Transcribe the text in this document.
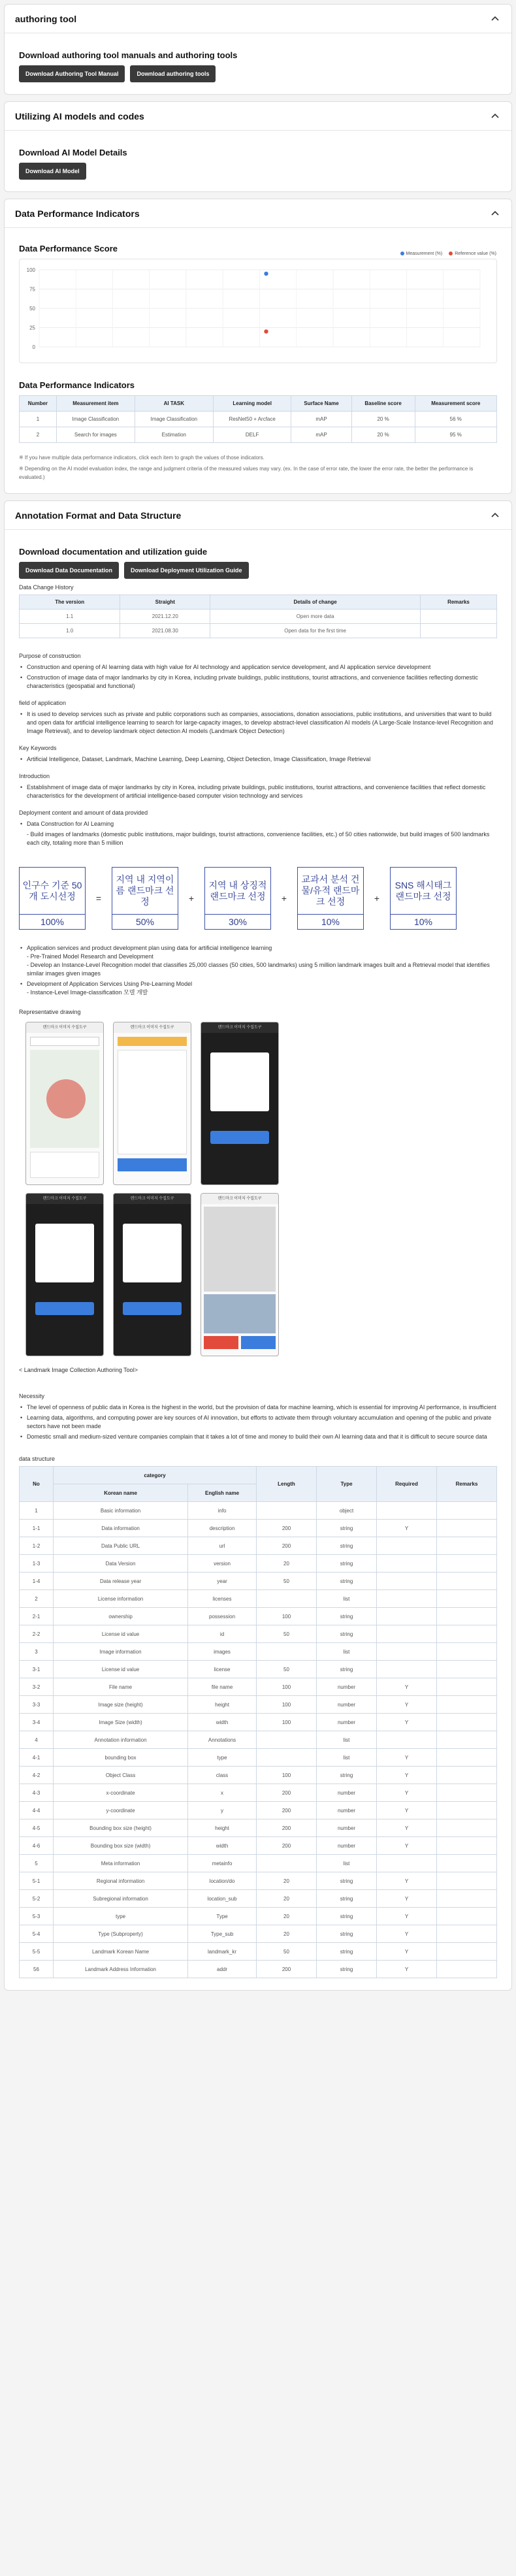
authoring tool
Download authoring tool manuals and authoring tools
Download Authoring Tool Manual	Download authoring tools
Utilizing AI models and codes
Download AI Model Details
Download AI Model
Data Performance Indicators
Data Performance Score
Measurement (%)	Reference value (%)
100
75
50
25
0
Data Performance Indicators
Number	Measurement item	AI TASK	Learning model	Surface Name	Baseline score	Measurement score
1	Image Classification	Image Classification	ResNet50 + Arcface	mAP	20 %	56 %
2	Search for images	Estimation	DELF	mAP	20 %	95 %

※ If you have multiple data performance indicators, click each item to graph the values of those indicators.

※ Depending on the AI model evaluation index, the range and judgment criteria of the measured values may vary. (ex. In the case of error rate, the lower the error rate, the better the performance is evaluated.)

Annotation Format and Data Structure
Download documentation and utilization guide
Download Data Documentation	Download Deployment Utilization Guide
Data Change History
The version	Straight	Details of change	Remarks
1.1	2021.12.20	Open more data	
1.0	2021.08.30	Open data for the first time	
Purpose of construction
• Construction and opening of AI learning data with high value for AI technology and application service development, and AI application service development
• Construction of image data of major landmarks by city in Korea, including private buildings, public institutions, tourist attractions, and convenience facilities reflecting domestic characteristics (geospatial and functional)
field of application
• It is used to develop services such as private and public corporations such as companies, associations, donation associations, public institutions, and universities that want to build and open data for artificial intelligence learning to search for large-capacity images, to develop abstract-level classification AI models (A Large-Scale Instance-level Recognition and Image Retrieval), and to develop landmark object detection AI models (Landmark Object Detection)
Key Keywords
• Artificial Intelligence, Dataset, Landmark, Machine Learning, Deep Learning, Object Detection, Image Classification, Image Retrieval
Introduction
• Establishment of image data of major landmarks by city in Korea, including private buildings, public institutions, tourist attractions, and convenience facilities that reflect domestic characteristics for the development of artificial intelligence-based computer vision technology and services
Deployment content and amount of data provided
• Data Construction for AI Learning
- Build images of landmarks (domestic public institutions, major buildings, tourist attractions, convenience facilities, etc.) of 50 cities nationwide, but build images of 500 landmarks each city, totaling more than 5 million
인구수 기준 50개 도시선정
100%
=
지역 내 지역이름 랜드마크 선정
50%
+
지역 내 상징적 랜드마크 선정
30%
+
교과서 분석 건물/유적 랜드마크 선정
10%
+
SNS 해시태그 랜드마크 선정
10%
• Application services and product development plan using data for artificial intelligence learning
- Pre-Trained Model Research and Development
- Develop an Instance-Level Recognition model that classifies 25,000 classes (50 cities, 500 landmarks) using 5 million landmark images built and a Retrieval model that identifies similar images given images
• Development of Application Services Using Pre-Learning Model
- Instance-Level Image-classification 모델 개발
Representative drawing
랜드마크 이미지 수집도구	랜드마크 이미지 수집도구	랜드마크 이미지 수집도구
랜드마크 이미지 수집도구	랜드마크 이미지 수집도구	랜드마크 이미지 수집도구
< Landmark Image Collection Authoring Tool>
Necessity
• The level of openness of public data in Korea is the highest in the world, but the provision of data for machine learning, which is essential for improving AI performance, is insufficient
• Learning data, algorithms, and computing power are key sources of AI innovation, but efforts to activate them through voluntary accumulation and opening of the public and private sectors have not been made
• Domestic small and medium-sized venture companies complain that it takes a lot of time and money to build their own AI learning data and that it is difficult to secure source data
data structure
No	category		Length	Type	Required	Remarks
	Korean name	English name				
1	Basic information	info		object		
1-1	Data information	description	200	string	Y	
1-2	Data Public URL	url	200	string		
1-3	Data Version	version	20	string		
1-4	Data release year	year	50	string		
2	License information	licenses		list		
2-1	ownership	possession	100	string		
2-2	License id value	id	50	string		
3	Image information	images		list		
3-1	License id value	license	50	string		
3-2	File name	file name	100	number	Y	
3-3	Image size (height)	height	100	number	Y	
3-4	Image Size (width)	width	100	number	Y	
4	Annotation information	Annotations		list		
4-1	bounding box	type		list	Y	
4-2	Object Class	class	100	string	Y	
4-3	x-coordinate	x	200	number	Y	
4-4	y-coordinate	y	200	number	Y	
4-5	Bounding box size (height)	height	200	number	Y	
4-6	Bounding box size (width)	width	200	number	Y	
5	Meta information	metainfo		list		
5-1	Regional information	location/do	20	string	Y	
5-2	Subregional information	location_sub	20	string	Y	
5-3	type	Type	20	string	Y	
5-4	Type (Subproperty)	Type_sub	20	string	Y	
5-5	Landmark Korean Name	landmark_kr	50	string	Y	
56	Landmark Address Information	addr	200	string	Y	
